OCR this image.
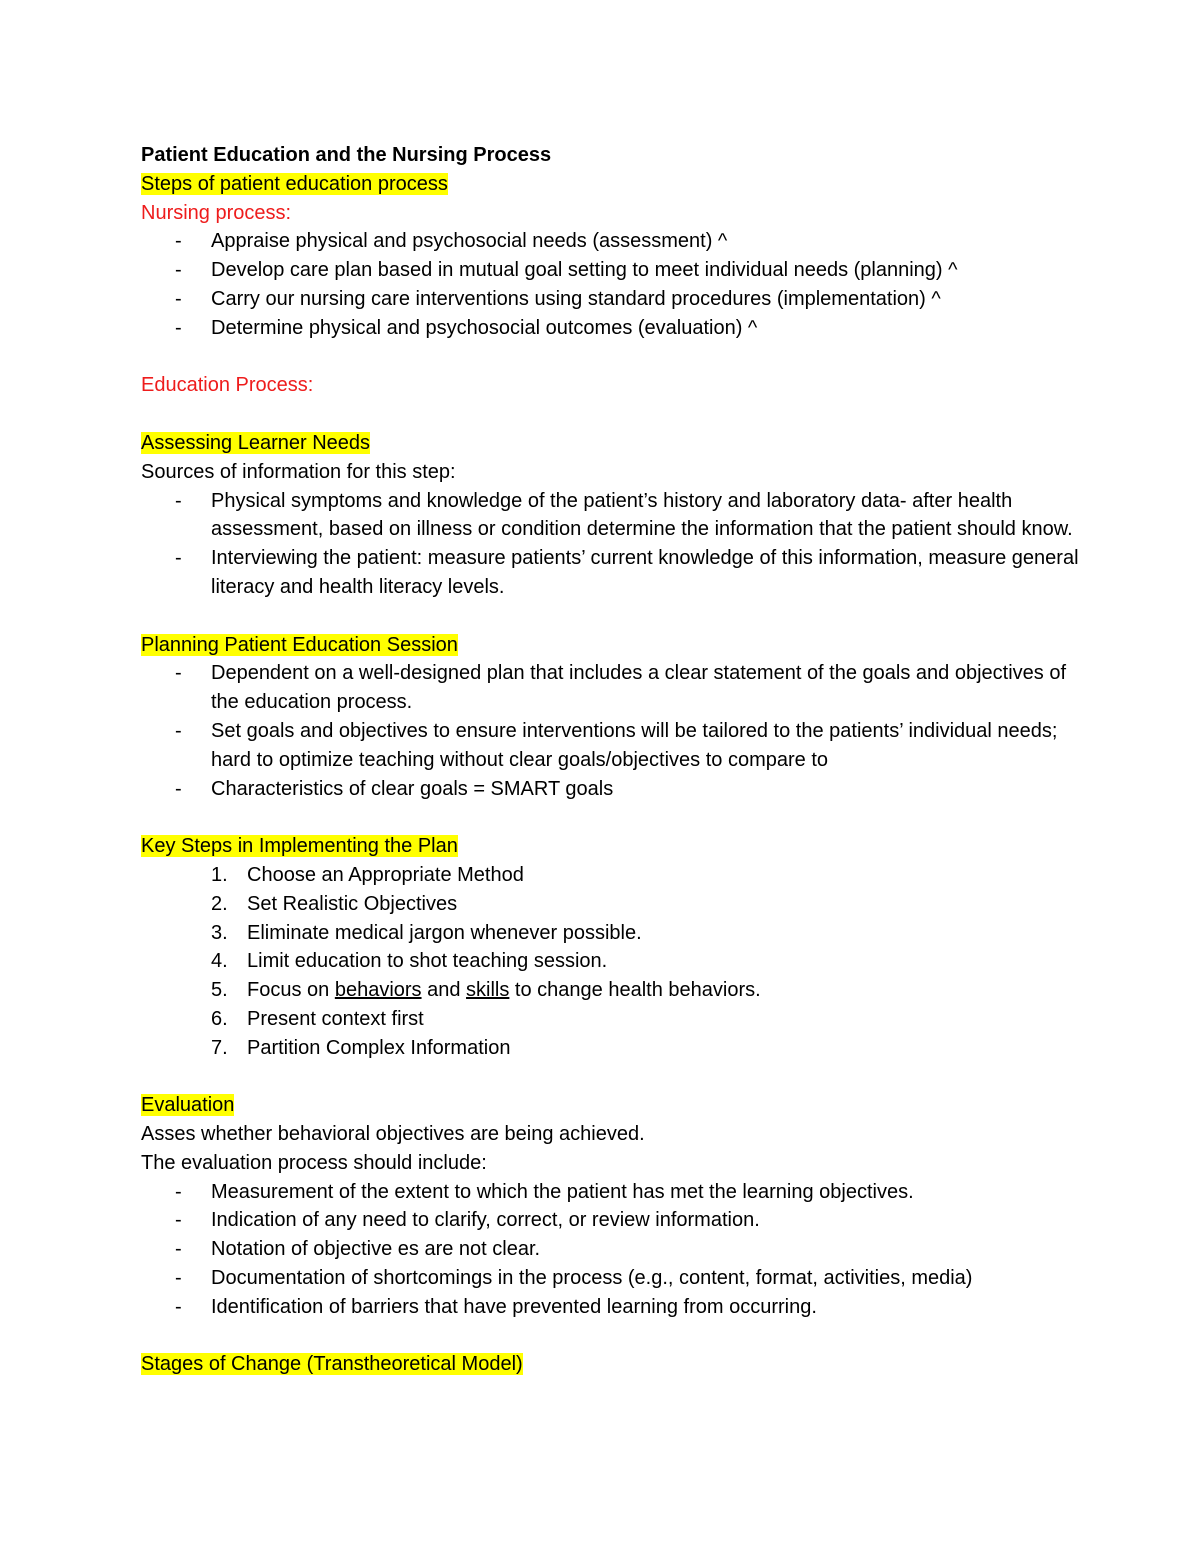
Patient Education and the Nursing Process

Steps of patient education process

Nursing process:

- Appraise physical and psychosocial needs (assessment) ^
- Develop care plan based in mutual goal setting to meet individual needs (planning) ^
- Carry our nursing care interventions using standard procedures (implementation) ^
- Determine physical and psychosocial outcomes (evaluation) ^

Education Process:

Assessing Learner Needs

Sources of information for this step:

- Physical symptoms and knowledge of the patient’s history and laboratory data- after health assessment, based on illness or condition determine the information that the patient should know.
- Interviewing the patient: measure patients’ current knowledge of this information, measure general literacy and health literacy levels.

Planning Patient Education Session

- Dependent on a well-designed plan that includes a clear statement of the goals and objectives of the education process.
- Set goals and objectives to ensure interventions will be tailored to the patients’ individual needs; hard to optimize teaching without clear goals/objectives to compare to
- Characteristics of clear goals = SMART goals

Key Steps in Implementing the Plan

1. Choose an Appropriate Method
2. Set Realistic Objectives
3. Eliminate medical jargon whenever possible.
4. Limit education to shot teaching session.
5. Focus on behaviors and skills to change health behaviors.
6. Present context first
7. Partition Complex Information

Evaluation

Asses whether behavioral objectives are being achieved.

The evaluation process should include:

- Measurement of the extent to which the patient has met the learning objectives.
- Indication of any need to clarify, correct, or review information.
- Notation of objective es are not clear.
- Documentation of shortcomings in the process (e.g., content, format, activities, media)
- Identification of barriers that have prevented learning from occurring.

Stages of Change (Transtheoretical Model)
